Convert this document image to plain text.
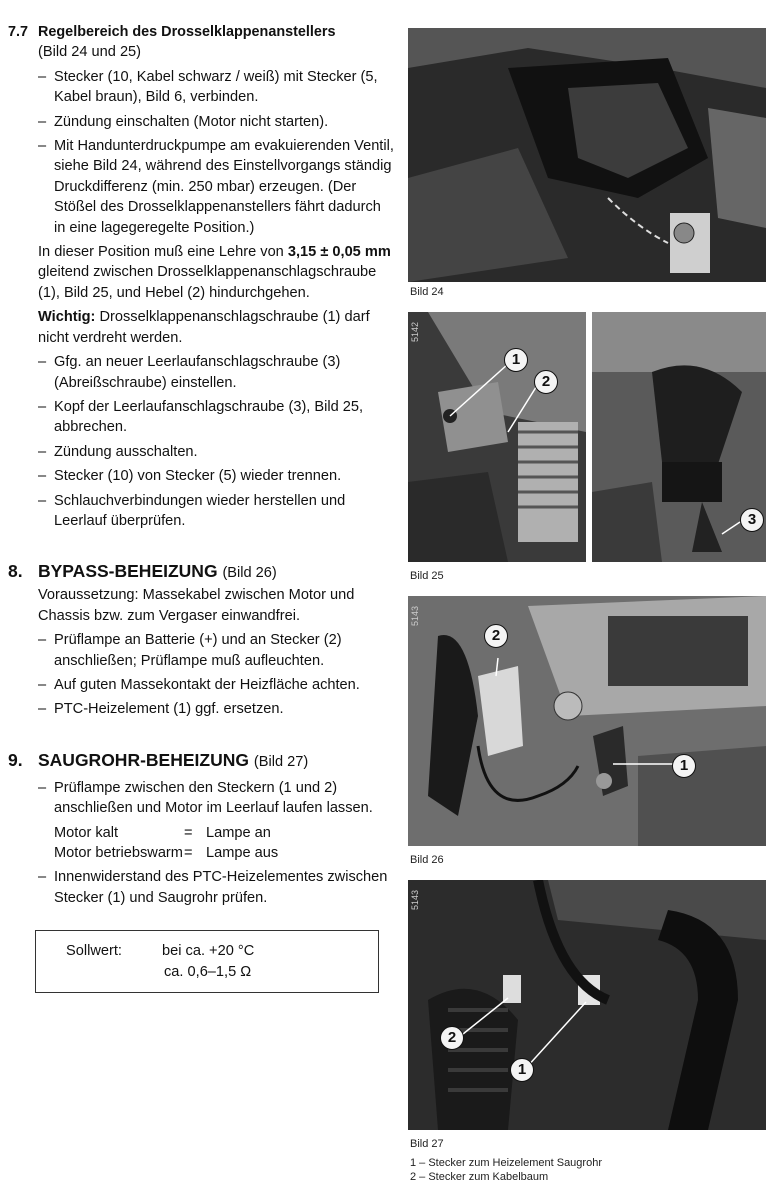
7.7 Regelbereich des Drosselklappenanstellers
(Bild 24 und 25)
– Stecker (10, Kabel schwarz / weiß) mit Stecker (5, Kabel braun), Bild 6, verbinden.
– Zündung einschalten (Motor nicht starten).
– Mit Handunterdruckpumpe am evakuierenden Ventil, siehe Bild 24, während des Einstellvorgangs ständig Druckdifferenz (min. 250 mbar) erzeugen. (Der Stößel des Drosselklappenanstellers fährt dadurch in eine lagegeregelte Position.)
In dieser Position muß eine Lehre von 3,15 ± 0,05 mm gleitend zwischen Drosselklappenanschlagschraube (1), Bild 25, und Hebel (2) hindurchgehen.
Wichtig: Drosselklappenanschlagschraube (1) darf nicht verdreht werden.
– Gfg. an neuer Leerlaufanschlagschraube (3) (Abreißschraube) einstellen.
– Kopf der Leerlaufanschlagschraube (3), Bild 25, abbrechen.
– Zündung ausschalten.
– Stecker (10) von Stecker (5) wieder trennen.
– Schlauchverbindungen wieder herstellen und Leerlauf überprüfen.
8. BYPASS-BEHEIZUNG (Bild 26)
Voraussetzung: Massekabel zwischen Motor und Chassis bzw. zum Vergaser einwandfrei.
– Prüflampe an Batterie (+) und an Stecker (2) anschließen; Prüflampe muß aufleuchten.
– Auf guten Massekontakt der Heizfläche achten.
– PTC-Heizelement (1) ggf. ersetzen.
9. SAUGROHR-BEHEIZUNG (Bild 27)
– Prüflampe zwischen den Steckern (1 und 2) anschließen und Motor im Leerlauf laufen lassen.
Motor kalt	= Lampe an
Motor betriebswarm = Lampe aus
– Innenwiderstand des PTC-Heizelementes zwischen Stecker (1) und Saugrohr prüfen.
Sollwert:	bei ca. +20 °C
ca. 0,6–1,5 Ω
Bild 24
1
2
5142
3
Bild 25
2
1
5143
Bild 26
2
1
5143
Bild 27
1 – Stecker zum Heizelement Saugrohr
2 – Stecker zum Kabelbaum
